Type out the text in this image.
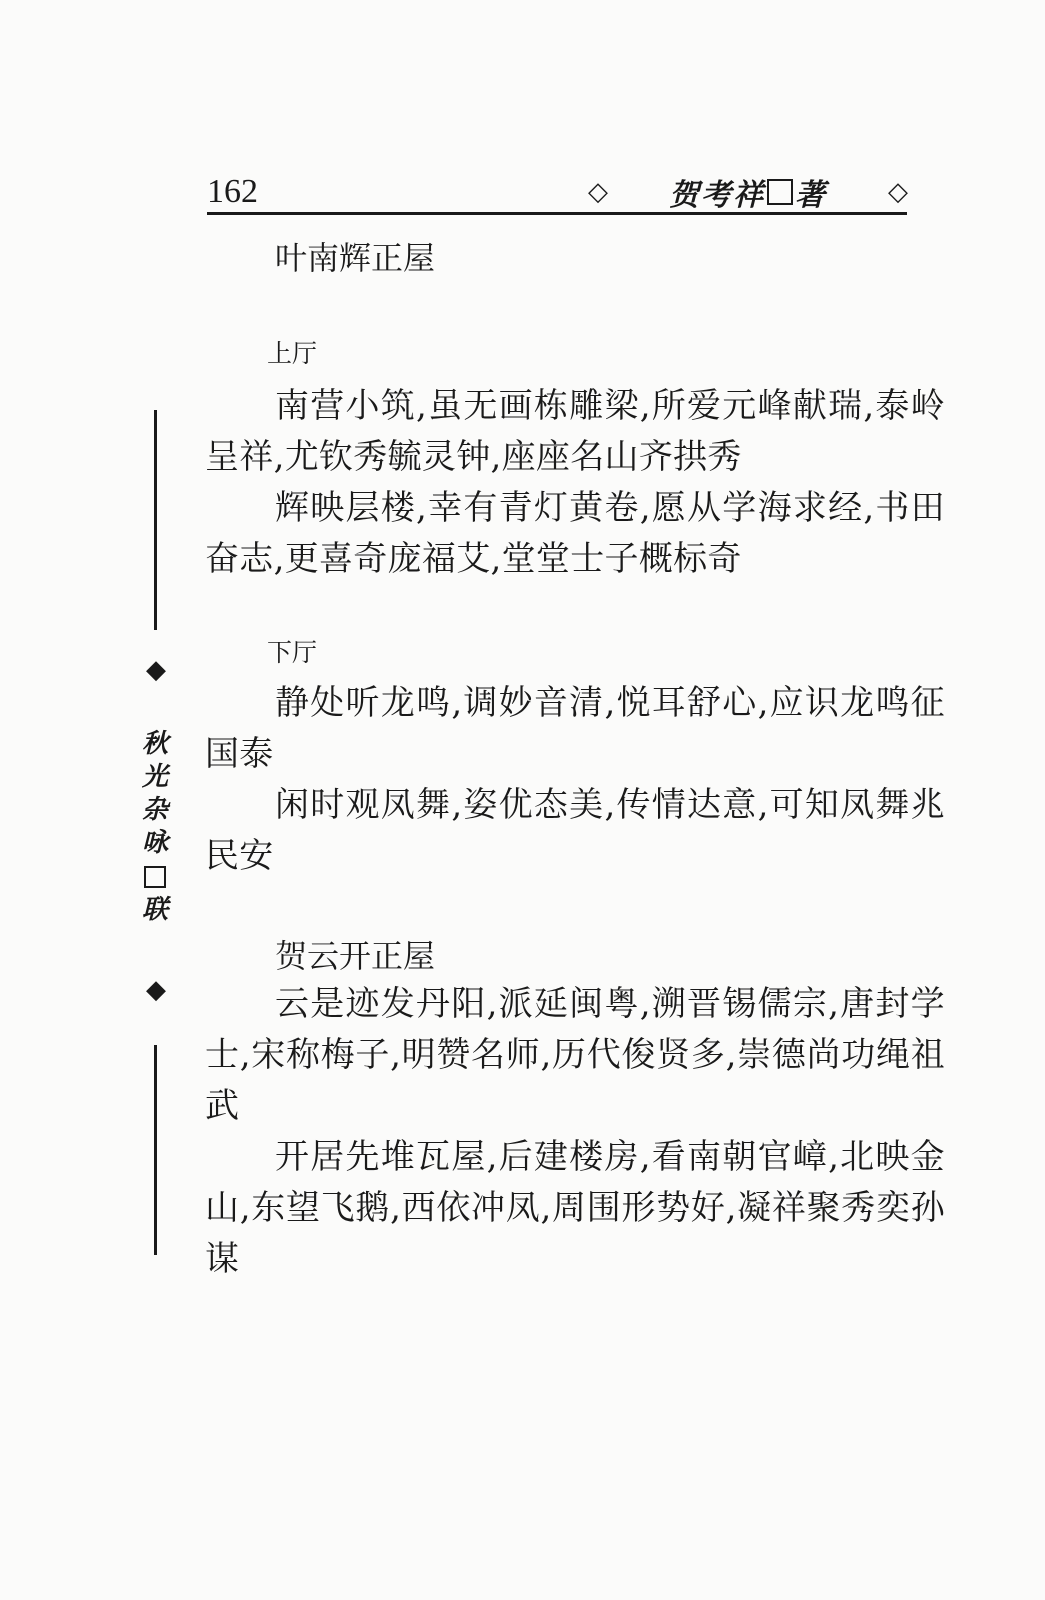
162	◇ 贺考祥 著 ◇
◆
秋
光
杂
咏
联
◆
叶南辉正屋
上厅
南营小筑,虽无画栋雕梁,所爱元峰献瑞,泰岭呈祥,尤钦秀毓灵钟,座座名山齐拱秀
辉映层楼,幸有青灯黄卷,愿从学海求经,书田奋志,更喜奇庞福艾,堂堂士子概标奇
下厅
静处听龙鸣,调妙音清,悦耳舒心,应识龙鸣征国泰
闲时观凤舞,姿优态美,传情达意,可知凤舞兆民安
贺云开正屋
云是迹发丹阳,派延闽粤,溯晋锡儒宗,唐封学士,宋称梅子,明赞名师,历代俊贤多,崇德尚功绳祖武
开居先堆瓦屋,后建楼房,看南朝官嶂,北映金山,东望飞鹅,西依冲凤,周围形势好,凝祥聚秀奕孙谋
